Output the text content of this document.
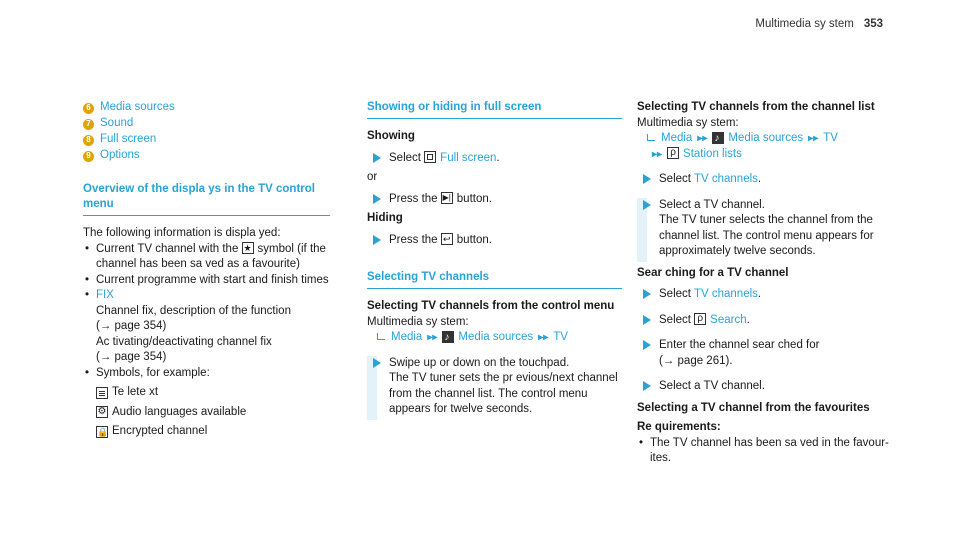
Multimedia sy stem 353
6 Media sources
7 Sound
8 Full screen
9 Options
Overview of the displa ys in the TV control menu

The following information is displa yed:

• Current TV channel with the ★ symbol (if the channel has been sa ved as a favourite)
• Current programme with start and finish times
• FIX
Channel fix, description of the function
(→ page 354)
Ac tivating/deactivating channel fix
(→ page 354)
• Symbols, for example:
Te lete xt
⚙ Audio languages available
🔒 Encrypted channel
Showing or hiding in full screen

Showing

Select Full screen.

or

Press the ▶| button.

Hiding

Press the ↩ button.
Selecting TV channels

Selecting TV channels from the control menu

Multimedia sy stem:

Media ▸▸ ♪ Media sources ▸▸ TV
Swipe up or down on the touchpad.
The TV tuner sets the pr evious/next channel from the channel list. The control menu appears for twelve seconds.

Selecting TV channels from the channel list

Multimedia sy stem:

Media ▸▸ ♪ Media sources ▸▸ TV
▸▸ ρ Station lists
Select TV channels.
Select a TV channel.
The TV tuner selects the channel from the channel list. The control menu appears for approximately twelve seconds.

Sear ching for a TV channel

Select TV channels.
Select ρ Search.
Enter the channel sear ched for
(→ page 261).
Select a TV channel.

Selecting a TV channel from the favourites

Re quirements:

• The TV channel has been sa ved in the favour‐ ites.
